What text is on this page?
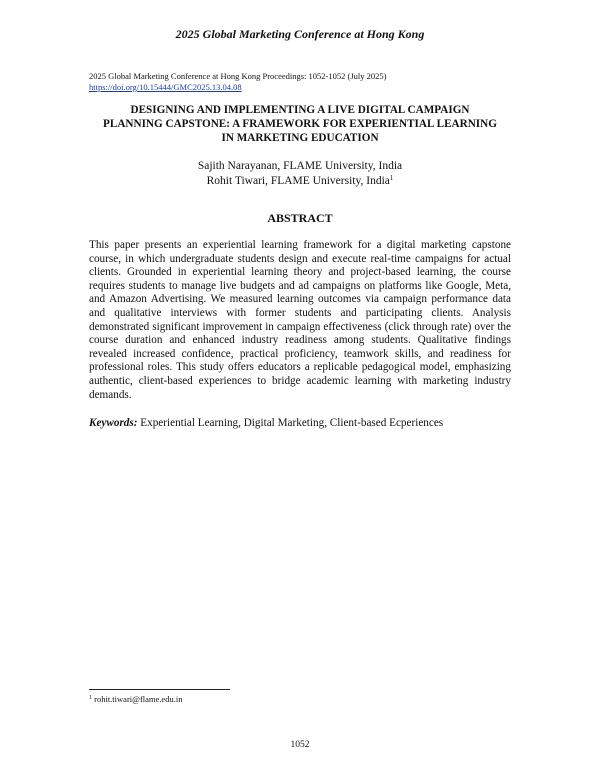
2025 Global Marketing Conference at Hong Kong
2025 Global Marketing Conference at Hong Kong Proceedings: 1052-1052 (July 2025)
https://doi.org/10.15444/GMC2025.13.04.08
DESIGNING AND IMPLEMENTING A LIVE DIGITAL CAMPAIGN
PLANNING CAPSTONE: A FRAMEWORK FOR EXPERIENTIAL LEARNING
IN MARKETING EDUCATION
Sajith Narayanan, FLAME University, India
Rohit Tiwari, FLAME University, India$^1$
ABSTRACT
This paper presents an experiential learning framework for a digital marketing capstone course, in which undergraduate students design and execute real-time campaigns for actual clients. Grounded in experiential learning theory and project-based learning, the course requires students to manage live budgets and ad campaigns on platforms like Google, Meta, and Amazon Advertising. We measured learning outcomes via campaign performance data and qualitative interviews with former students and participating clients. Analysis demonstrated significant improvement in campaign effectiveness (click through rate) over the course duration and enhanced industry readiness among students. Qualitative findings revealed increased confidence, practical proficiency, teamwork skills, and readiness for professional roles. This study offers educators a replicable pedagogical model, emphasizing authentic, client-based experiences to bridge academic learning with marketing industry demands.
Keywords: Experiential Learning, Digital Marketing, Client-based Ecperiences
$^1$ rohit.tiwari@flame.edu.in
1052
